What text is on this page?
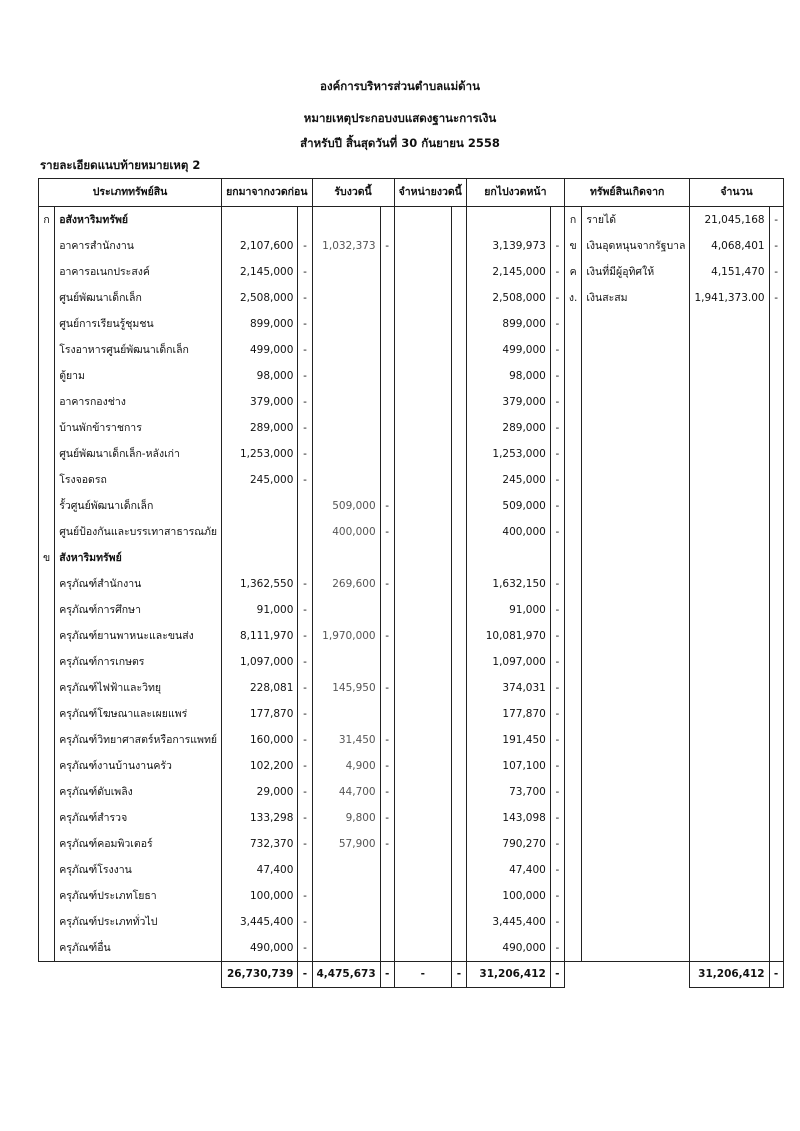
องค์การบริหารส่วนตำบลแม่ด้าน
หมายเหตุประกอบงบแสดงฐานะการเงิน
สำหรับปี สิ้นสุดวันที่ 30 กันยายน 2558
รายละเอียดแนบท้ายหมายเหตุ 2
ประเภททรัพย์สิน		ยกมาจากงวดก่อน		รับงวดนี้		จำหน่ายงวดนี้		ยกไปงวดหน้า		ทรัพย์สินเกิดจาก		จำนวน	
ก	อสังหาริมทรัพย์									ก	รายได้	21,045,168	-
	อาคารสำนักงาน	2,107,600	-	1,032,373	-			3,139,973	-	ข	เงินอุดหนุนจากรัฐบาล	4,068,401	-
	อาคารอเนกประสงค์	2,145,000	-					2,145,000	-	ค	เงินที่มีผู้อุทิศให้	4,151,470	-
	ศูนย์พัฒนาเด็กเล็ก	2,508,000	-					2,508,000	-	ง.	เงินสะสม	1,941,373.00	-
	ศูนย์การเรียนรู้ชุมชน	899,000	-					899,000	-				
	โรงอาหารศูนย์พัฒนาเด็กเล็ก	499,000	-					499,000	-				
	ตู้ยาม	98,000	-					98,000	-				
	อาคารกองช่าง	379,000	-					379,000	-				
	บ้านพักข้าราชการ	289,000	-					289,000	-				
	ศูนย์พัฒนาเด็กเล็ก-หลังเก่า	1,253,000	-					1,253,000	-				
	โรงจอดรถ	245,000	-					245,000	-				
	รั้วศูนย์พัฒนาเด็กเล็ก			509,000	-			509,000	-				
	ศูนย์ป้องกันและบรรเทาสาธารณภัย			400,000	-			400,000	-				
ข	สังหาริมทรัพย์												
	ครุภัณฑ์สำนักงาน	1,362,550	-	269,600	-			1,632,150	-				
	ครุภัณฑ์การศึกษา	91,000	-					91,000	-				
	ครุภัณฑ์ยานพาหนะและขนส่ง	8,111,970	-	1,970,000	-			10,081,970	-				
	ครุภัณฑ์การเกษตร	1,097,000	-					1,097,000	-				
	ครุภัณฑ์ไฟฟ้าและวิทยุ	228,081	-	145,950	-			374,031	-				
	ครุภัณฑ์โฆษณาและเผยแพร่	177,870	-					177,870	-				
	ครุภัณฑ์วิทยาศาสตร์หรือการแพทย์	160,000	-	31,450	-			191,450	-				
	ครุภัณฑ์งานบ้านงานครัว	102,200	-	4,900	-			107,100	-				
	ครุภัณฑ์ดับเพลิง	29,000	-	44,700	-			73,700	-				
	ครุภัณฑ์สำรวจ	133,298	-	9,800	-			143,098	-				
	ครุภัณฑ์คอมพิวเตอร์	732,370	-	57,900	-			790,270	-				
	ครุภัณฑ์โรงงาน	47,400						47,400	-				
	ครุภัณฑ์ประเภทโยธา	100,000	-					100,000	-				
	ครุภัณฑ์ประเภททั่วไป	3,445,400	-					3,445,400	-				
	ครุภัณฑ์อื่น	490,000	-					490,000	-				
		26,730,739	-	4,475,673	-	-	-	31,206,412	-			31,206,412	-
